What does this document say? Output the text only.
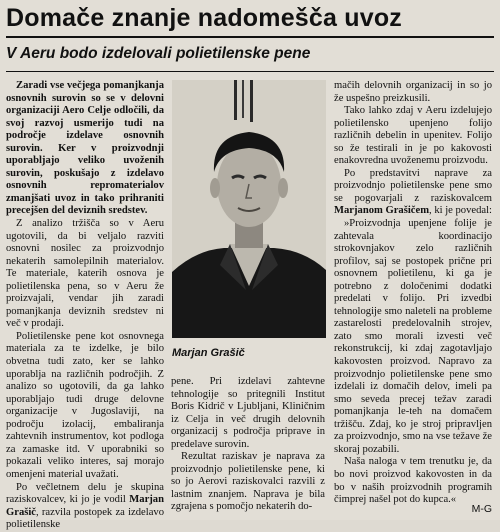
Domače znanje nadomešča uvoz
V Aeru bodo izdelovali polietilenske pene

Zaradi vse večjega pomanjkanja osnovnih surovin so se v delovni organizaciji Aero Celje odločili, da svoj razvoj usmerijo tudi na področje izdelave osnovnih surovin. Ker v proizvodnji uporabljajo veliko uvoženih surovin, poskušajo z izdelavo osnovnih repromaterialov zmanjšati uvoz in tako prihraniti precejšen del deviznih sredstev.

Z analizo tržišča so v Aeru ugotovili, da bi veljalo razviti osnovni nosilec za proizvodnjo nekaterih samolepilnih materialov. Te materiale, katerih osnova je polietilenska pena, so v Aeru že proizvajali, vendar jih zaradi pomanjkanja deviznih sredstev ni več v prodaji.

Polietilenske pene kot osnovnega materiala za te izdelke, je bilo obvetna tudi zato, ker se lahko uporablja na različnih področjih. Z analizo so ugotovili, da ga lahko uporabljajo tudi druge delovne organizacije v Jugoslaviji, na področju izolacij, embaliranja zahtevnih instrumentov, kot podloga za zamaske itd. V uporabniki so pokazali veliko interes, saj morajo omenjeni material uvažati.

Po večletnem delu je skupina raziskovalcev, ki jo je vodil Marjan Grašič, razvila postopek za izdelavo polietilenske

Marjan Grašič

pene. Pri izdelavi zahtevne tehnologije so pritegnili Institut Boris Kidrič v Ljubljani, Kliničnim iz Celja in več drugih delovnih organizacij s področja priprave in predelave surovin.

Rezultat raziskav je naprava za proizvodnjo polietilenske pene, ki so jo Aerovi raziskovalci razvili z lastnim znanjem. Naprava je bila zgrajena s pomočjo nekaterih do-

mačih delovnih organizacij in so jo že uspešno preizkusili.

Tako lahko zdaj v Aeru izdelujejo polietilensko upenjeno folijo različnih debelin in upenitev. Folijo so že testirali in je po kakovosti enakovredna uvoženemu proizvodu.

Po predstavitvi naprave za proizvodnjo polietilenske pene smo se pogovarjali z raziskovalcem Marjanom Grašičem, ki je povedal:

»Proizvodnja upenjene folije je zahtevala koordinacijo strokovnjakov zelo različnih profilov, saj se postopek prične pri osnovnem polietilenu, ki ga je potrebno z določenimi dodatki predelati v folijo. Pri izvedbi tehnologije smo naleteli na probleme zastarelosti predelovalnih strojev, zato smo morali izvesti več rekonstrukcij, ki zdaj zagotavljajo kakovosten proizvod. Napravo za proizvodnjo polietilenske pene smo izdelali iz domačih delov, imeli pa smo seveda precej težav zaradi pomanjkanja le-teh na domačem tržišču. Zdaj, ko je stroj pripravljen za proizvodnjo, smo na vse težave že skoraj pozabili.

Naša naloga v tem trenutku je, da bo novi proizvod kakovosten in da bo v naših proizvodnih programih čimprej našel pot do kupca.«

M-G
